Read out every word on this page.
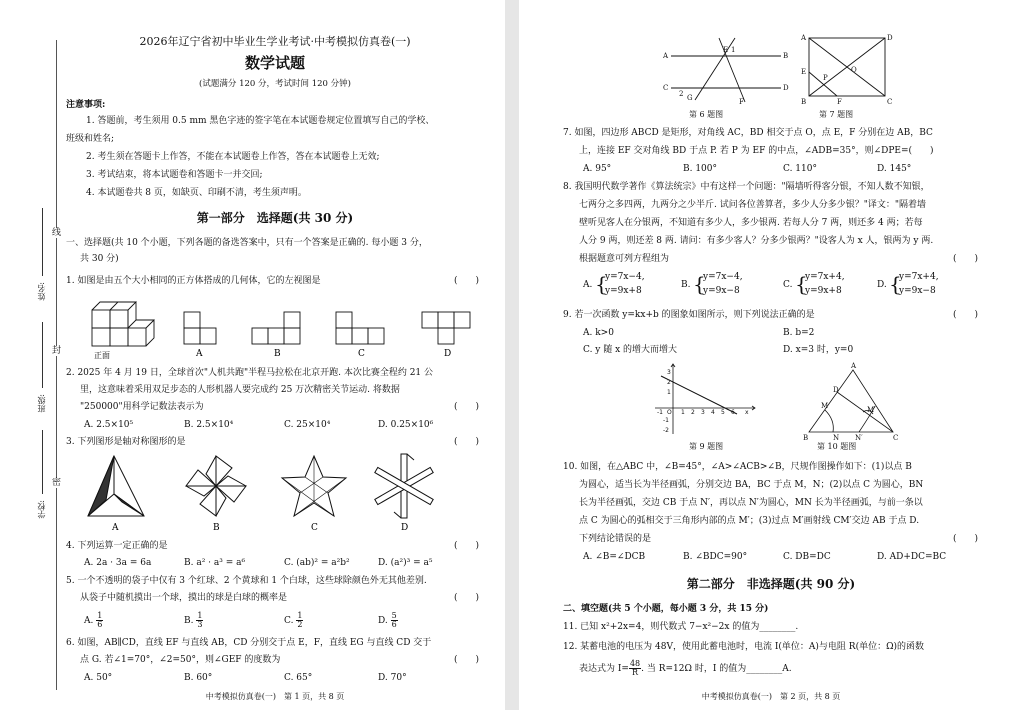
线
封
密
姓名:
班级:
学校:
2026年辽宁省初中毕业生学业考试·中考模拟仿真卷(一)
数学试题
(试题满分 120 分，考试时间 120 分钟)
注意事项:
1. 答题前，考生须用 0.5 mm 黑色字迹的签字笔在本试题卷规定位置填写自己的学校、
班级和姓名;
2. 考生须在答题卡上作答，不能在本试题卷上作答，答在本试题卷上无效;
3. 考试结束，将本试题卷和答题卡一并交回;
4. 本试题卷共 8 页，如缺页、印刷不清，考生须声明。
第一部分　选择题(共 30 分)
一、选择题(共 10 个小题，下列各题的备选答案中，只有一个答案是正确的. 每小题 3 分，
共 30 分)
1. 如图是由五个大小相同的正方体搭成的几何体，它的左视图是	(　　)
正面	A	B	C	D
2. 2025 年 4 月 19 日，全球首次"人机共跑"半程马拉松在北京开跑. 本次比赛全程约 21 公
里，这意味着采用双足步态的人形机器人要完成约 25 万次精密关节运动. 将数据
"250000"用科学记数法表示为	(　　)
A. 2.5×10⁵	B. 2.5×10⁴	C. 25×10⁴	D. 0.25×10⁶
3. 下列图形是轴对称图形的是	(　　)
A	B	C	D
4. 下列运算一定正确的是	(　　)
A. 2a · 3a = 6a	B. a² · a³ = a⁶	C. (ab)² = a²b²	D. (a²)³ = a⁵
5. 一个不透明的袋子中仅有 3 个红球、2 个黄球和 1 个白球，这些球除颜色外无其他差别.
从袋子中随机摸出一个球，摸出的球是白球的概率是	(　　)
A. $\frac{1}{6}$	B. $\frac{1}{3}$	C. $\frac{1}{2}$	D. $\frac{5}{6}$
6. 如图，AB∥CD，直线 EF 与直线 AB，CD 分别交于点 E，F，直线 EG 与直线 CD 交于
点 G. 若∠1=70°，∠2=50°，则∠GEF 的度数为	(　　)
A. 50°	B. 60°	C. 65°	D. 70°
中考模拟仿真卷(一)　第 1 页，共 8 页
A	B
C	D
E 1
F
G
2
第 6 题图
A	D
B	C
E
F
P
O
第 7 题图
7. 如图，四边形 ABCD 是矩形，对角线 AC，BD 相交于点 O，点 E，F 分别在边 AB，BC
上，连接 EF 交对角线 BD 于点 P. 若 P 为 EF 的中点，∠ADB=35°，则∠DPE=(　　)
A. 95°	B. 100°	C. 110°	D. 145°
8. 我国明代数学著作《算法统宗》中有这样一个问题："隔墙听得客分银，不知人数不知银，
七两分之多四两，九两分之少半斤. 试问各位善算者，多少人分多少银？"译文："隔着墙
壁听见客人在分银两，不知道有多少人，多少银两. 若每人分 7 两，则还多 4 两；若每
人分 9 两，则还差 8 两. 请问：有多少客人？分多少银两？"设客人为 x 人，银两为 y 两.
根据题意可列方程组为	(　　)
A. {
y=7x−4,
y=9x+8
B. {
y=7x−4,
y=9x−8
C. {
y=7x+4,
y=9x+8
D. {
y=7x+4,
y=9x−8
9. 若一次函数 y=kx+b 的图象如图所示，则下列说法正确的是	(　　)
A. k>0	B. b=2
C. y 随 x 的增大而增大	D. x=3 时，y=0
3
2
1
-1 O 1 2 3 4 5 6 x
-1
-2
第 9 题图
A
B	C
D
M	M′
N N′
第 10 题图
10. 如图，在△ABC 中，∠B=45°，∠A>∠ACB>∠B，尺规作图操作如下：(1)以点 B
为圆心，适当长为半径画弧，分别交边 BA，BC 于点 M，N；(2)以点 C 为圆心，BN
长为半径画弧，交边 CB 于点 N′，再以点 N′为圆心，MN 长为半径画弧，与前一条以
点 C 为圆心的弧相交于三角形内部的点 M′；(3)过点 M′画射线 CM′交边 AB 于点 D.
下列结论错误的是	(　　)
A. ∠B=∠DCB	B. ∠BDC=90°	C. DB=DC	D. AD+DC=BC
第二部分　非选择题(共 90 分)
二、填空题(共 5 个小题，每小题 3 分，共 15 分)
11. 已知 x²+2x=4，则代数式 7−x²−2x 的值为________.
12. 某蓄电池的电压为 48V，使用此蓄电池时，电流 I(单位：A)与电阻 R(单位：Ω)的函数
表达式为 $I= \frac{48}{R}$ . 当 R=12Ω 时，I 的值为________A.
中考模拟仿真卷(一)　第 2 页，共 8 页
